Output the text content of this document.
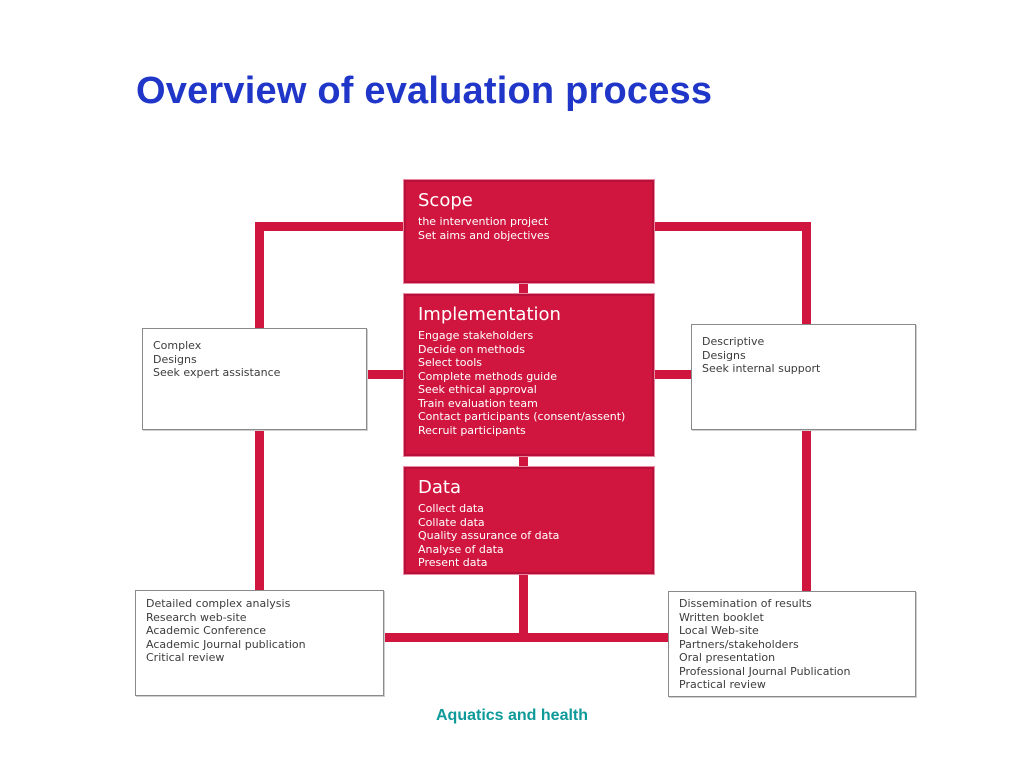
Overview of evaluation process
Scope
the intervention project
Set aims and objectives
Implementation
Engage stakeholders
Decide on methods
Select tools
Complete methods guide
Seek ethical approval
Train evaluation team
Contact participants (consent/assent)
Recruit participants
Data
Collect data
Collate data
Quality assurance of data
Analyse of data
Present data
Complex
Designs
Seek expert assistance
Descriptive
Designs
Seek internal support
Detailed complex analysis
Research web-site
Academic Conference
Academic Journal publication
Critical review
Dissemination of results
Written booklet
Local Web-site
Partners/stakeholders
Oral presentation
Professional Journal Publication
Practical review
Aquatics and health
